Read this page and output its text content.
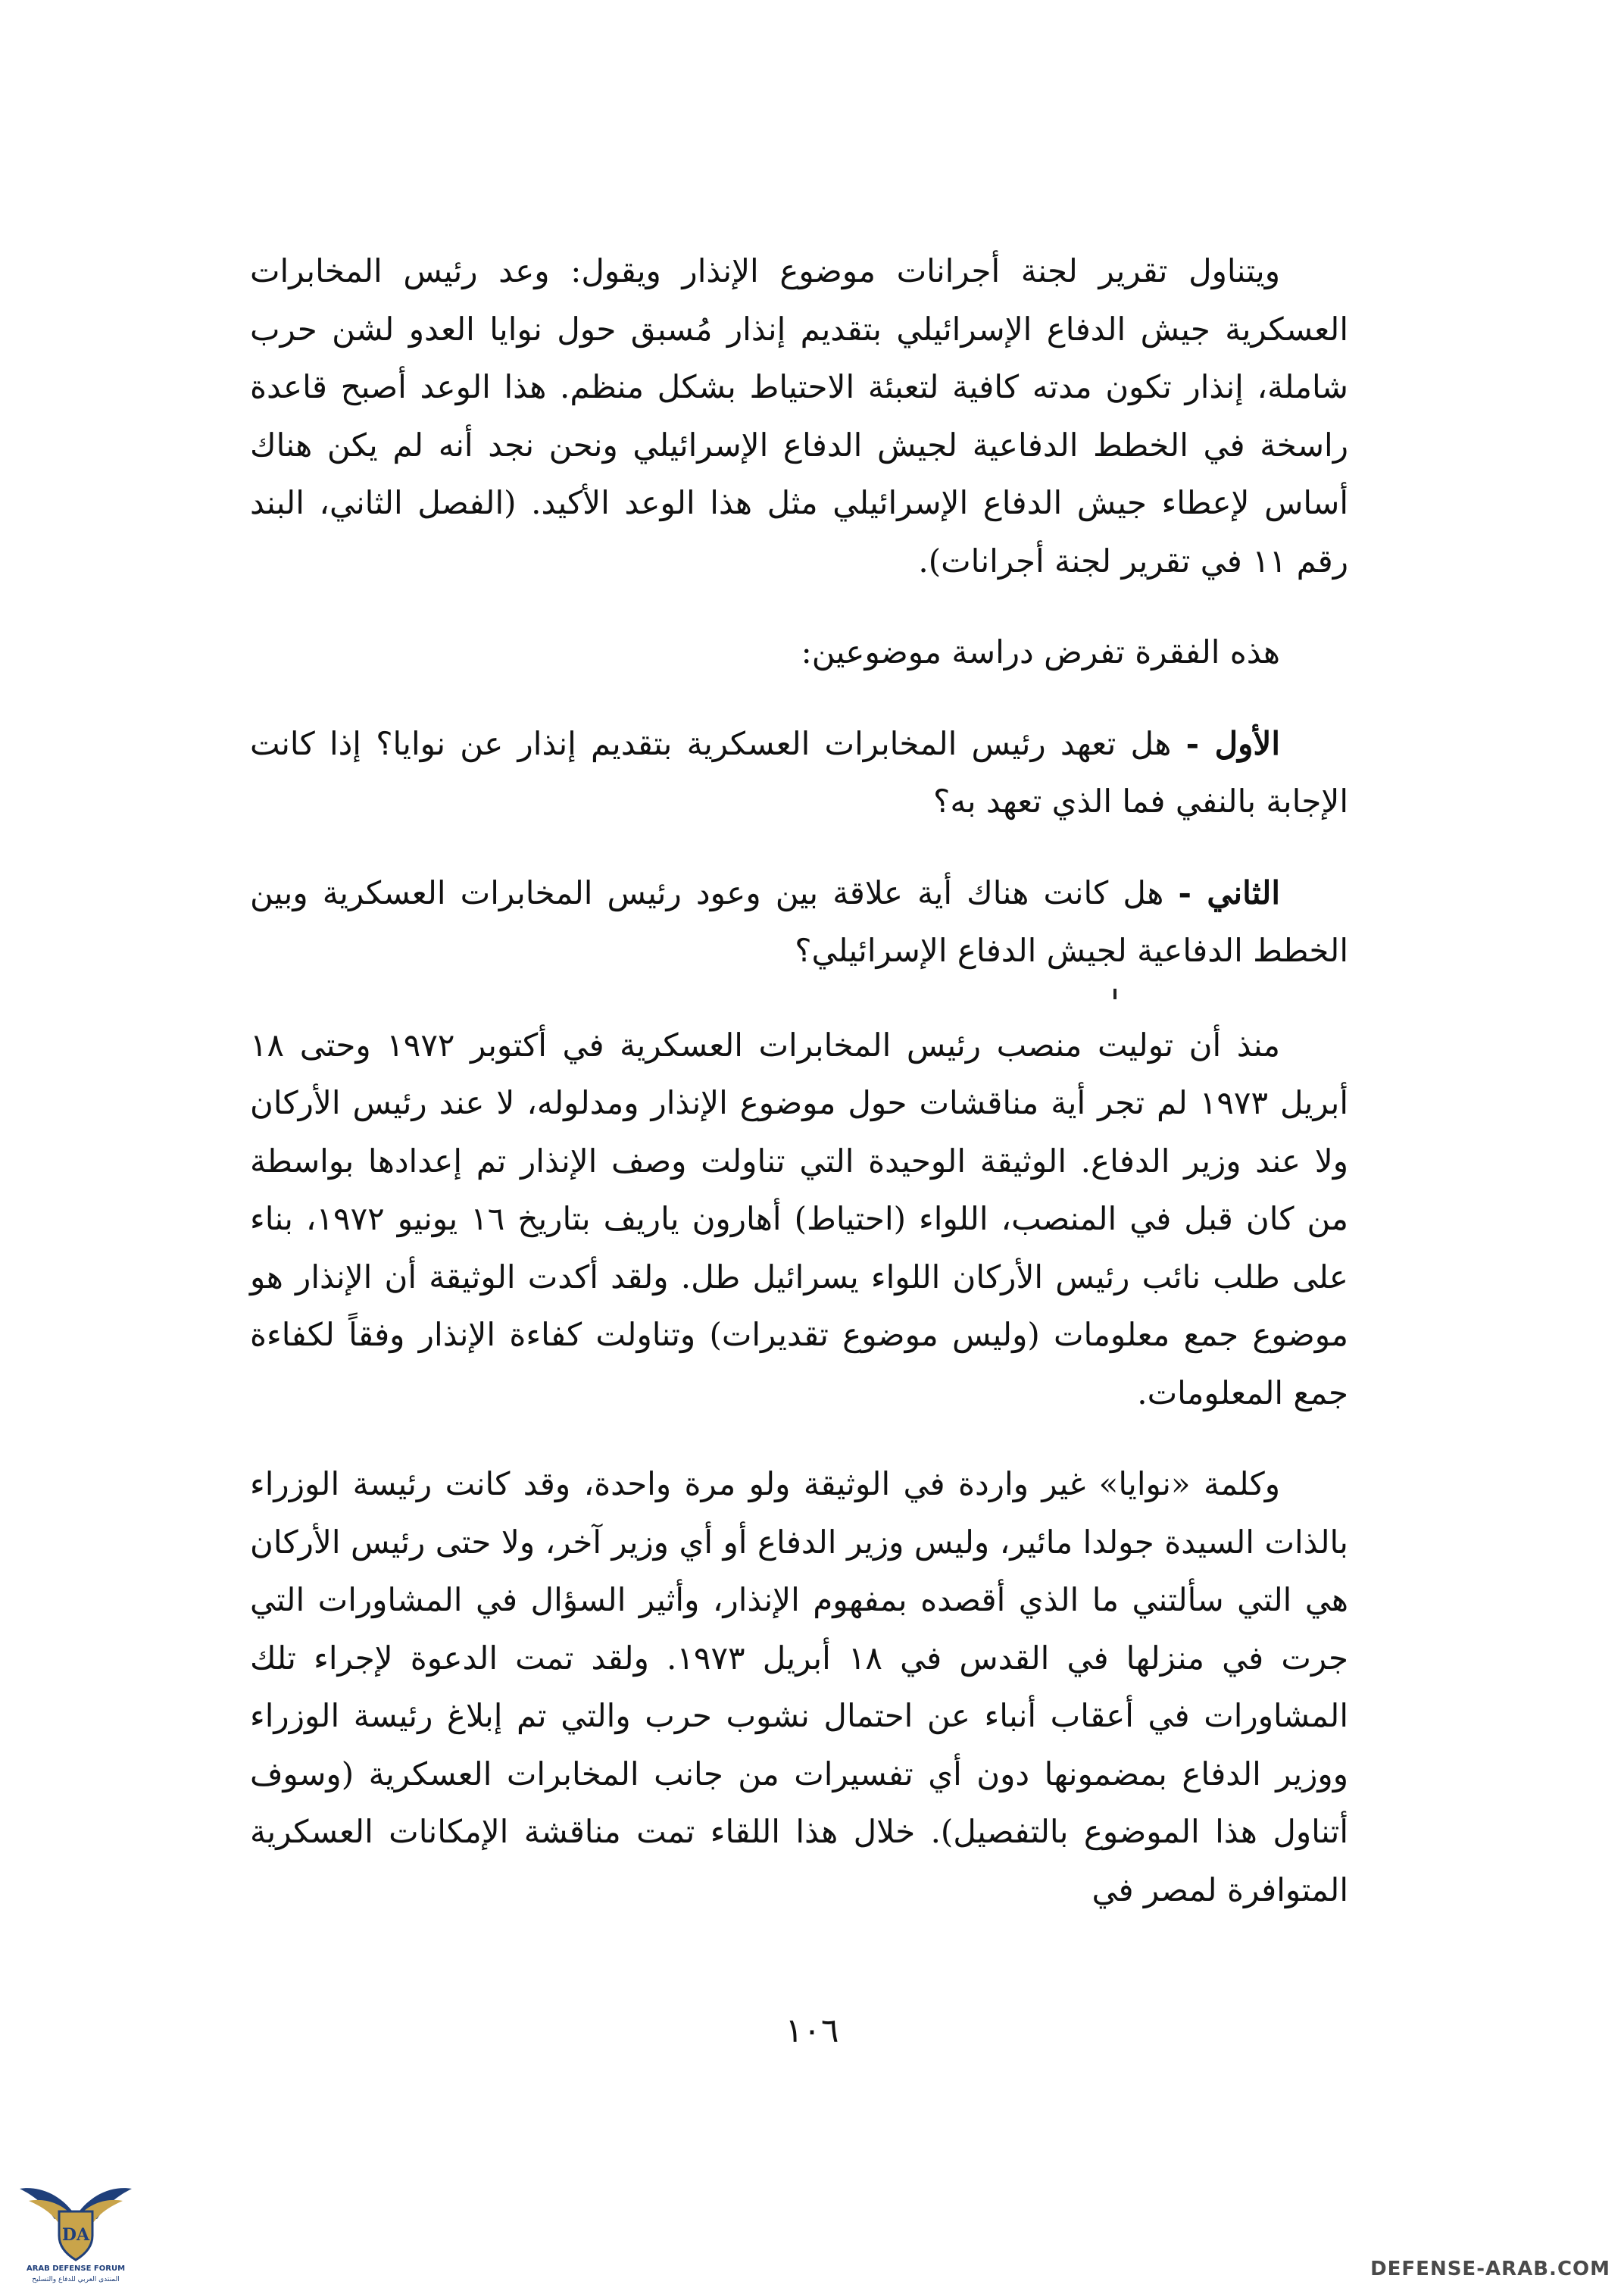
ويتناول تقرير لجنة أجرانات موضوع الإنذار ويقول: وعد رئيس المخابرات العسكرية جيش الدفاع الإسرائيلي بتقديم إنذار مُسبق حول نوايا العدو لشن حرب شاملة، إنذار تكون مدته كافية لتعبئة الاحتياط بشكل منظم. هذا الوعد أصبح قاعدة راسخة في الخطط الدفاعية لجيش الدفاع الإسرائيلي ونحن نجد أنه لم يكن هناك أساس لإعطاء جيش الدفاع الإسرائيلي مثل هذا الوعد الأكيد. (الفصل الثاني، البند رقم ١١ في تقرير لجنة أجرانات).

هذه الفقرة تفرض دراسة موضوعين:

الأول - هل تعهد رئيس المخابرات العسكرية بتقديم إنذار عن نوايا؟ إذا كانت الإجابة بالنفي فما الذي تعهد به؟

الثاني - هل كانت هناك أية علاقة بين وعود رئيس المخابرات العسكرية وبين الخطط الدفاعية لجيش الدفاع الإسرائيلي؟

منذ أن توليت منصب رئيس المخابرات العسكرية في أكتوبر ١٩٧٢ وحتى ١٨ أبريل ١٩٧٣ لم تجر أية مناقشات حول موضوع الإنذار ومدلوله، لا عند رئيس الأركان ولا عند وزير الدفاع. الوثيقة الوحيدة التي تناولت وصف الإنذار تم إعدادها بواسطة من كان قبل في المنصب، اللواء (احتياط) أهارون ياريف بتاريخ ١٦ يونيو ١٩٧٢، بناء على طلب نائب رئيس الأركان اللواء يسرائيل طل. ولقد أكدت الوثيقة أن الإنذار هو موضوع جمع معلومات (وليس موضوع تقديرات) وتناولت كفاءة الإنذار وفقاً لكفاءة جمع المعلومات.

وكلمة «نوايا» غير واردة في الوثيقة ولو مرة واحدة، وقد كانت رئيسة الوزراء بالذات السيدة جولدا مائير، وليس وزير الدفاع أو أي وزير آخر، ولا حتى رئيس الأركان هي التي سألتني ما الذي أقصده بمفهوم الإنذار، وأثير السؤال في المشاورات التي جرت في منزلها في القدس في ١٨ أبريل ١٩٧٣. ولقد تمت الدعوة لإجراء تلك المشاورات في أعقاب أنباء عن احتمال نشوب حرب والتي تم إبلاغ رئيسة الوزراء ووزير الدفاع بمضمونها دون أي تفسيرات من جانب المخابرات العسكرية (وسوف أتناول هذا الموضوع بالتفصيل). خلال هذا اللقاء تمت مناقشة الإمكانات العسكرية المتوافرة لمصر في

١٠٦
DA
ARAB DEFENSE FORUM
المنتدى العربي للدفاع والتسليح	DEFENSE-ARAB.COM
